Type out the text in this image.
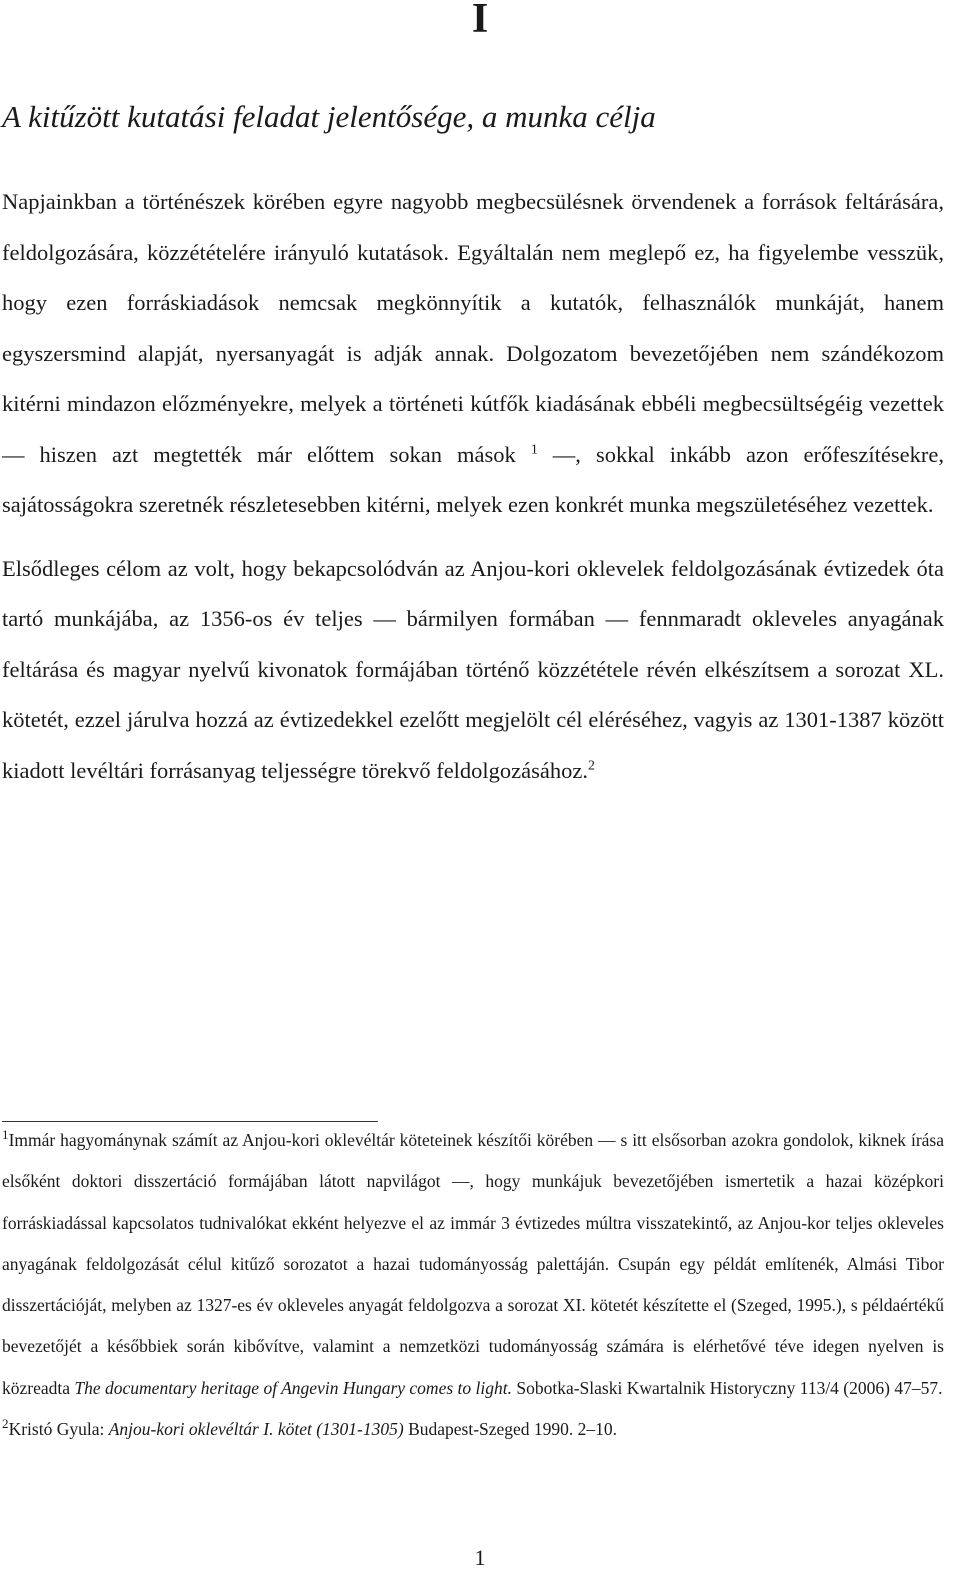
I
A kitűzött kutatási feladat jelentősége, a munka célja

Napjainkban a történészek körében egyre nagyobb megbecsülésnek örvendenek a források feltárására, feldolgozására, közzétételére irányuló kutatások. Egyáltalán nem meglepő ez, ha figyelembe vesszük, hogy ezen forráskiadások nemcsak megkönnyítik a kutatók, felhasználók munkáját, hanem egyszersmind alapját, nyersanyagát is adják annak. Dolgozatom bevezetőjében nem szándékozom kitérni mindazon előzményekre, melyek a történeti kútfők kiadásának ebbéli megbecsültségéig vezettek — hiszen azt megtették már előttem sokan mások $^1$ —, sokkal inkább azon erőfeszítésekre, sajátosságokra szeretnék részletesebben kitérni, melyek ezen konkrét munka megszületéséhez vezettek.

Elsődleges célom az volt, hogy bekapcsolódván az Anjou-kori oklevelek feldolgozásának évtizedek óta tartó munkájába, az 1356-os év teljes — bármilyen formában — fennmaradt okleveles anyagának feltárása és magyar nyelvű kivonatok formájában történő közzététele révén elkészítsem a sorozat XL. kötetét, ezzel járulva hozzá az évtizedekkel ezelőtt megjelölt cél eléréséhez, vagyis az 1301-1387 között kiadott levéltári forrásanyag teljességre törekvő feldolgozásához.$^2$

$^1$Immár hagyománynak számít az Anjou-kori oklevéltár köteteinek készítői körében — s itt elsősorban azokra gondolok, kiknek írása elsőként doktori disszertáció formájában látott napvilágot —, hogy munkájuk bevezetőjében ismertetik a hazai középkori forráskiadással kapcsolatos tudnivalókat ekként helyezve el az immár 3 évtizedes múltra visszatekintő, az Anjou-kor teljes okleveles anyagának feldolgozását célul kitűző sorozatot a hazai tudományosság palettáján. Csupán egy példát említenék, Almási Tibor disszertációját, melyben az 1327-es év okleveles anyagát feldolgozva a sorozat XI. kötetét készítette el (Szeged, 1995.), s példaértékű bevezetőjét a későbbiek során kibővítve, valamint a nemzetközi tudományosság számára is elérhetővé téve idegen nyelven is közreadta The documentary heritage of Angevin Hungary comes to light. Sobotka-Slaski Kwartalnik Historyczny 113/4 (2006) 47–57.

$^2$Kristó Gyula: Anjou-kori oklevéltár I. kötet (1301-1305) Budapest-Szeged 1990. 2–10.

1
